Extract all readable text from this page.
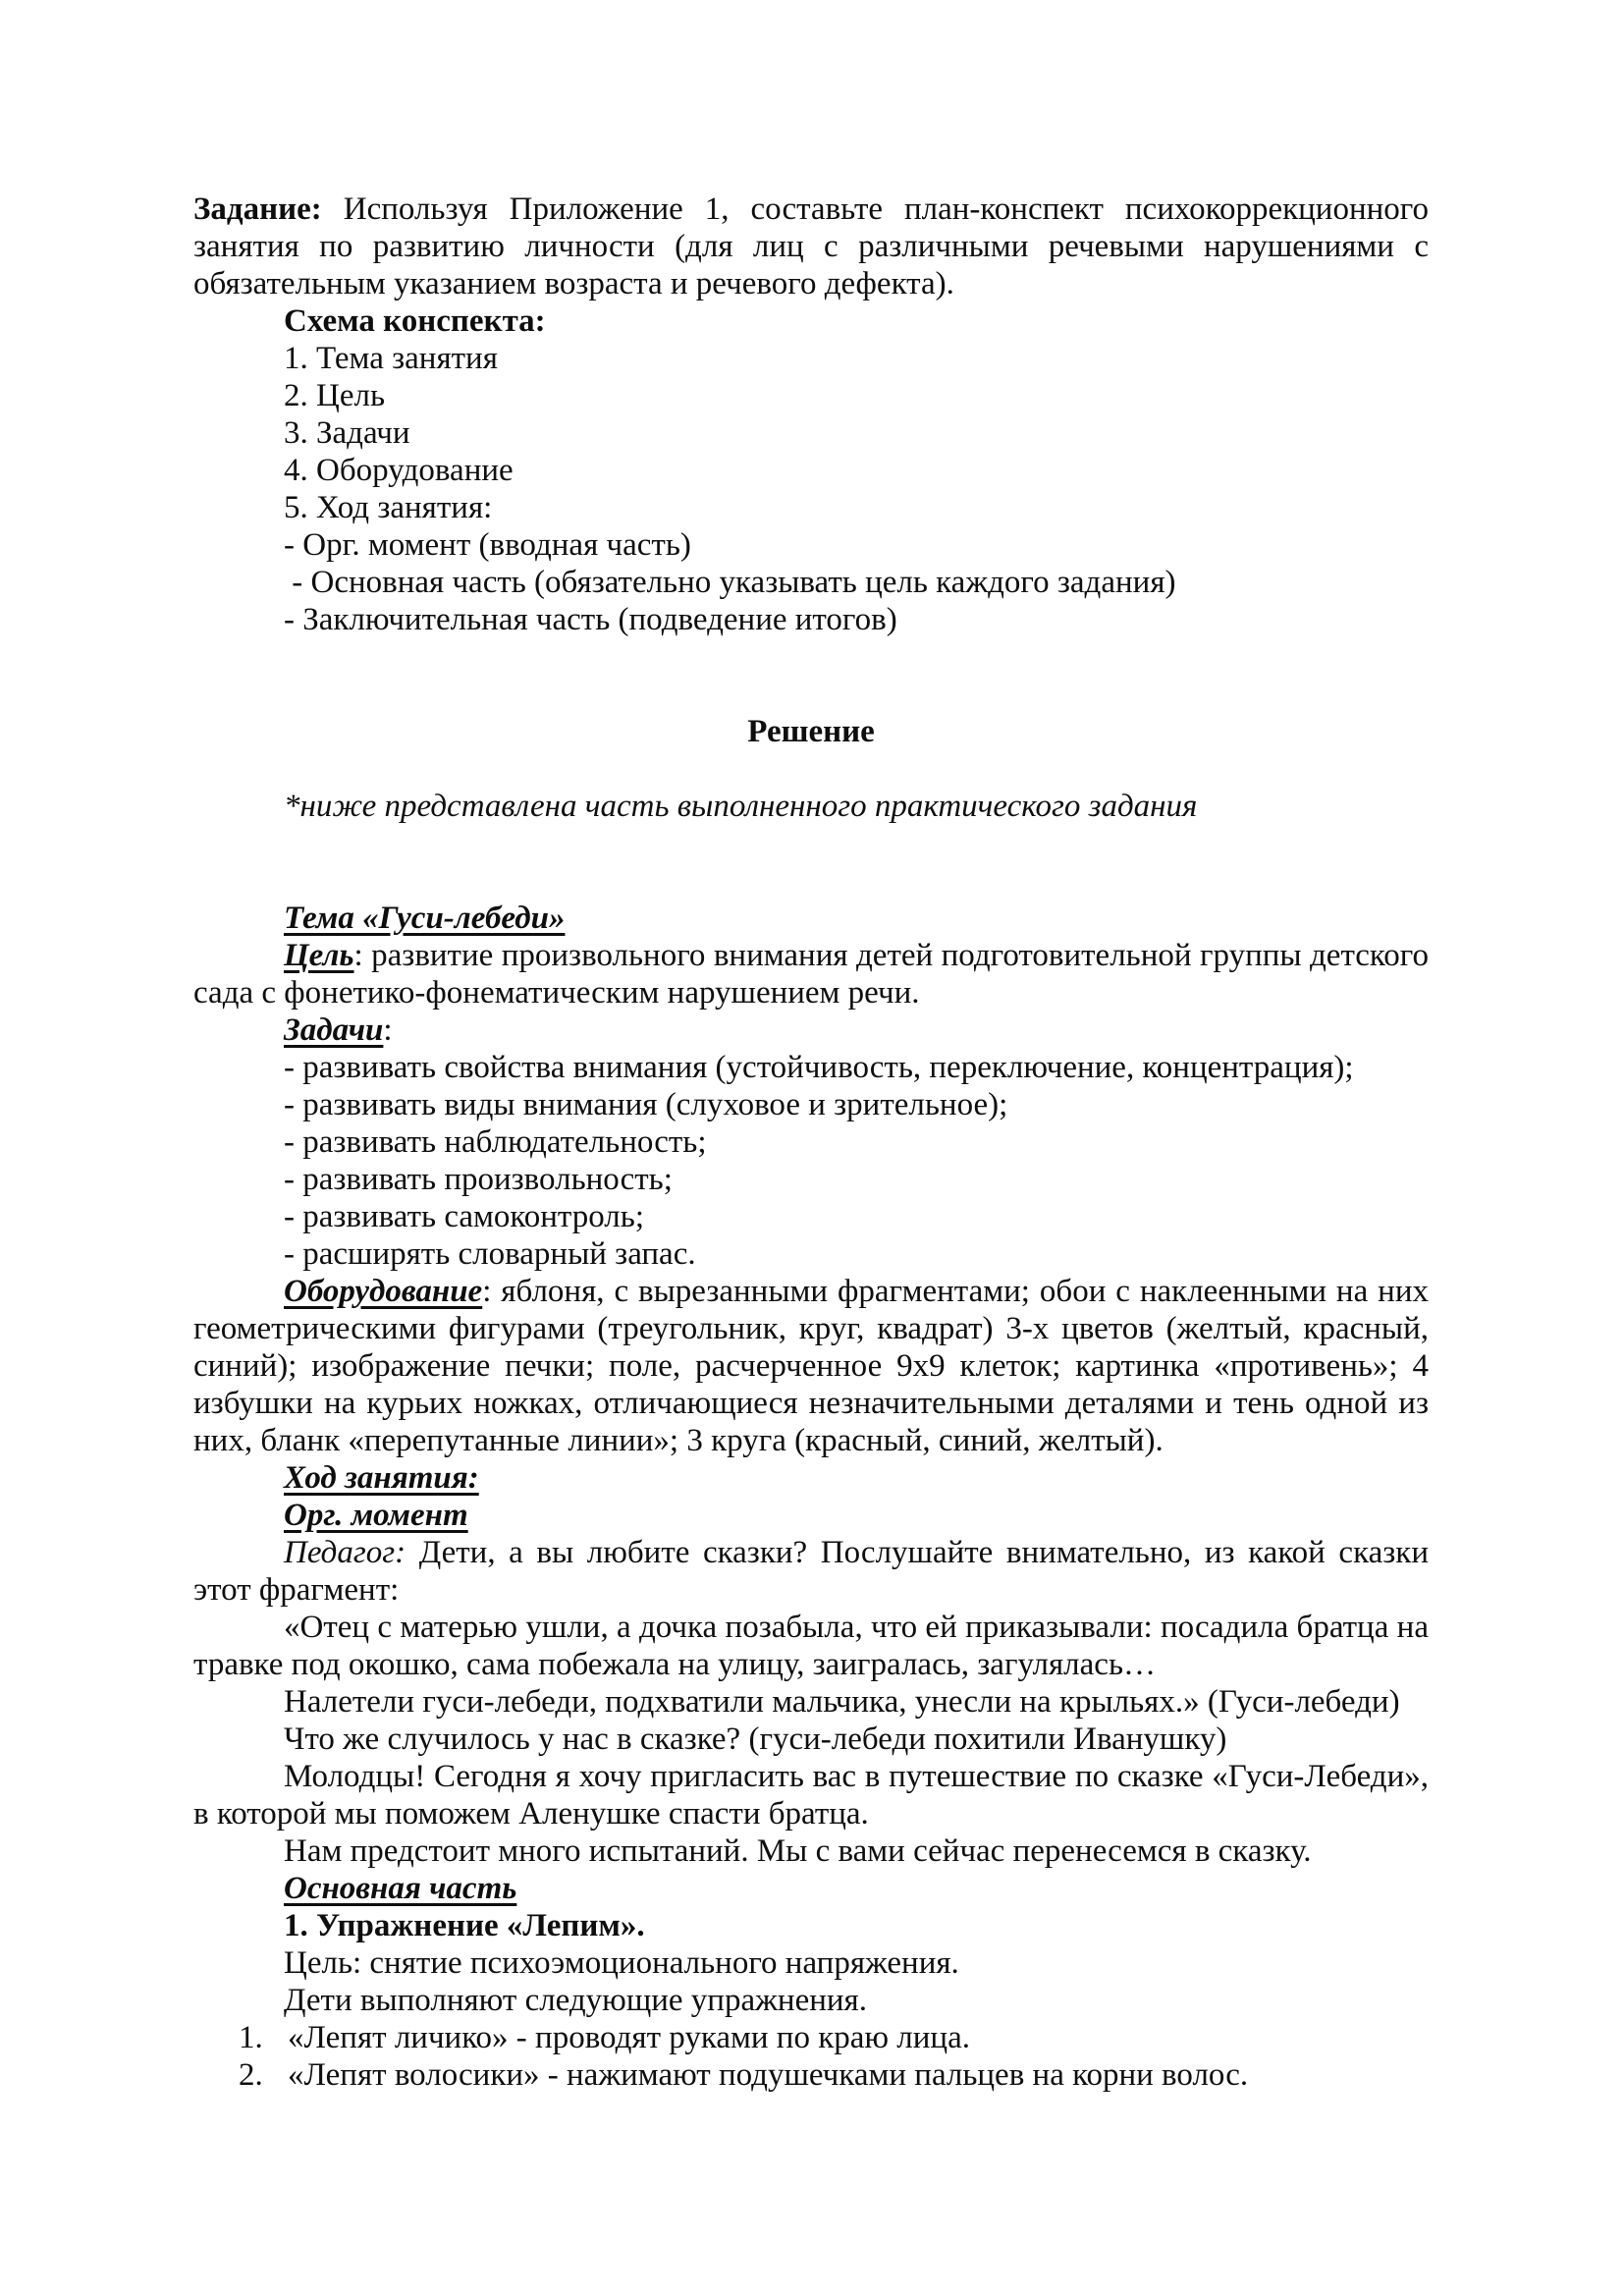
Задание: Используя Приложение 1, составьте план-конспект психокоррекционного занятия по развитию личности (для лиц с различными речевыми нарушениями с обязательным указанием возраста и речевого дефекта).

Схема конспекта:

1. Тема занятия

2. Цель

3. Задачи

4. Оборудование

5. Ход занятия:

- Орг. момент (вводная часть)

- Основная часть (обязательно указывать цель каждого задания)

- Заключительная часть (подведение итогов)

Решение

*ниже представлена часть выполненного практического задания

Тема «Гуси-лебеди»

Цель: развитие произвольного внимания детей подготовительной группы детского сада с фонетико-фонематическим нарушением речи.

Задачи:

- развивать свойства внимания (устойчивость, переключение, концентрация);

- развивать виды внимания (слуховое и зрительное);

- развивать наблюдательность;

- развивать произвольность;

- развивать самоконтроль;

- расширять словарный запас.

Оборудование: яблоня, с вырезанными фрагментами; обои с наклеенными на них геометрическими фигурами (треугольник, круг, квадрат) 3-х цветов (желтый, красный, синий); изображение печки; поле, расчерченное 9х9 клеток; картинка «противень»; 4 избушки на курьих ножках, отличающиеся незначительными деталями и тень одной из них, бланк «перепутанные линии»; 3 круга (красный, синий, желтый).

Ход занятия:

Орг. момент

Педагог: Дети, а вы любите сказки? Послушайте внимательно, из какой сказки этот фрагмент:

«Отец с матерью ушли, а дочка позабыла, что ей приказывали: посадила братца на травке под окошко, сама побежала на улицу, заигралась, загулялась…

Налетели гуси-лебеди, подхватили мальчика, унесли на крыльях.» (Гуси-лебеди)

Что же случилось у нас в сказке? (гуси-лебеди похитили Иванушку)

Молодцы! Сегодня я хочу пригласить вас в путешествие по сказке «Гуси-Лебеди», в которой мы поможем Аленушке спасти братца.

Нам предстоит много испытаний. Мы с вами сейчас перенесемся в сказку.

Основная часть

1. Упражнение «Лепим».

Цель: снятие психоэмоционального напряжения.

Дети выполняют следующие упражнения.

1. «Лепят личико» - проводят руками по краю лица.

2. «Лепят волосики» - нажимают подушечками пальцев на корни волос.
